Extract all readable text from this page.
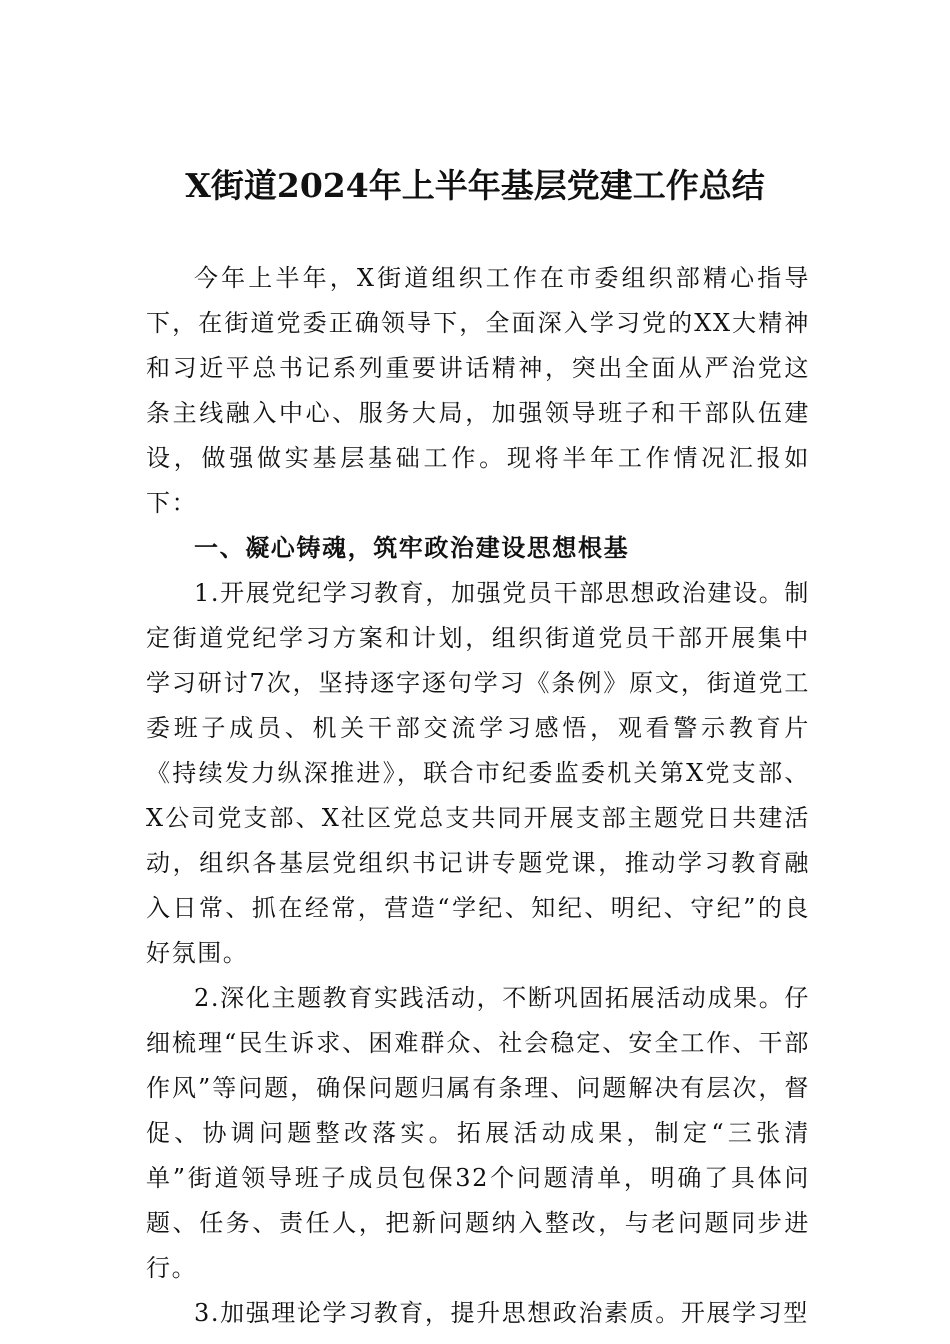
X街道2024年上半年基层党建工作总结

今年上半年，X街道组织工作在市委组织部精心指导下，在街道党委正确领导下，全面深入学习党的XX大精神和习近平总书记系列重要讲话精神，突出全面从严治党这条主线融入中心、服务大局，加强领导班子和干部队伍建设，做强做实基层基础工作。现将半年工作情况汇报如下：

一、凝心铸魂，筑牢政治建设思想根基

1.开展党纪学习教育，加强党员干部思想政治建设。制定街道党纪学习方案和计划，组织街道党员干部开展集中学习研讨7次，坚持逐字逐句学习《条例》原文，街道党工委班子成员、机关干部交流学习感悟，观看警示教育片《持续发力纵深推进》，联合市纪委监委机关第X党支部、X公司党支部、X社区党总支共同开展支部主题党日共建活动，组织各基层党组织书记讲专题党课，推动学习教育融入日常、抓在经常，营造“学纪、知纪、明纪、守纪”的良好氛围。

2.深化主题教育实践活动，不断巩固拓展活动成果。仔细梳理“民生诉求、困难群众、社会稳定、安全工作、干部作风”等问题，确保问题归属有条理、问题解决有层次，督促、协调问题整改落实。拓展活动成果，制定“三张清单”街道领导班子成员包保32个问题清单，明确了具体问题、任务、责任人，把新问题纳入整改，与老问题同步进行。

3.加强理论学习教育，提升思想政治素质。开展学习型
